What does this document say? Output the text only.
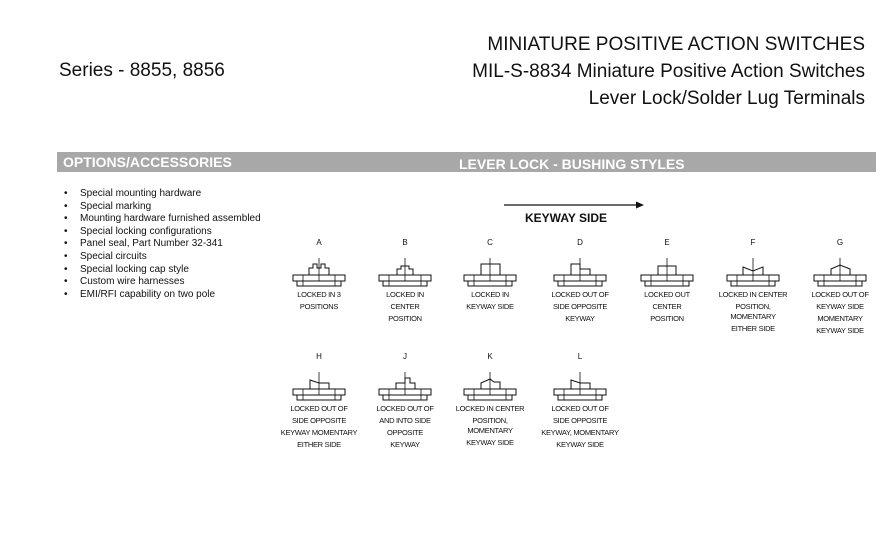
Series - 8855, 8856
MINIATURE POSITIVE ACTION SWITCHES
MIL-S-8834 Miniature Positive Action Switches
Lever Lock/Solder Lug Terminals
OPTIONS/ACCESSORIES	LEVER LOCK - BUSHING STYLES
• Special mounting hardware
• Special marking
• Mounting hardware furnished assembled
• Special locking configurations
• Panel seal, Part Number 32-341
• Special circuits
• Special locking cap style
• Custom wire harnesses
• EMI/RFI capability on two pole
KEYWAY SIDE
A
LOCKED IN 3
POSITIONS
B
LOCKED IN
CENTER
POSITION
C
LOCKED IN
KEYWAY SIDE
D
LOCKED OUT OF
SIDE OPPOSITE
KEYWAY
E
LOCKED OUT
CENTER
POSITION
F
LOCKED IN CENTER
POSITION, MOMENTARY
EITHER SIDE
G
LOCKED OUT OF
KEYWAY SIDE
MOMENTARY
KEYWAY SIDE
H
LOCKED OUT OF
SIDE OPPOSITE
KEYWAY MOMENTARY
EITHER SIDE
J
LOCKED OUT OF
AND INTO SIDE
OPPOSITE
KEYWAY
K
LOCKED IN CENTER
POSITION, MOMENTARY
KEYWAY SIDE
L
LOCKED OUT OF
SIDE OPPOSITE
KEYWAY, MOMENTARY
KEYWAY SIDE
